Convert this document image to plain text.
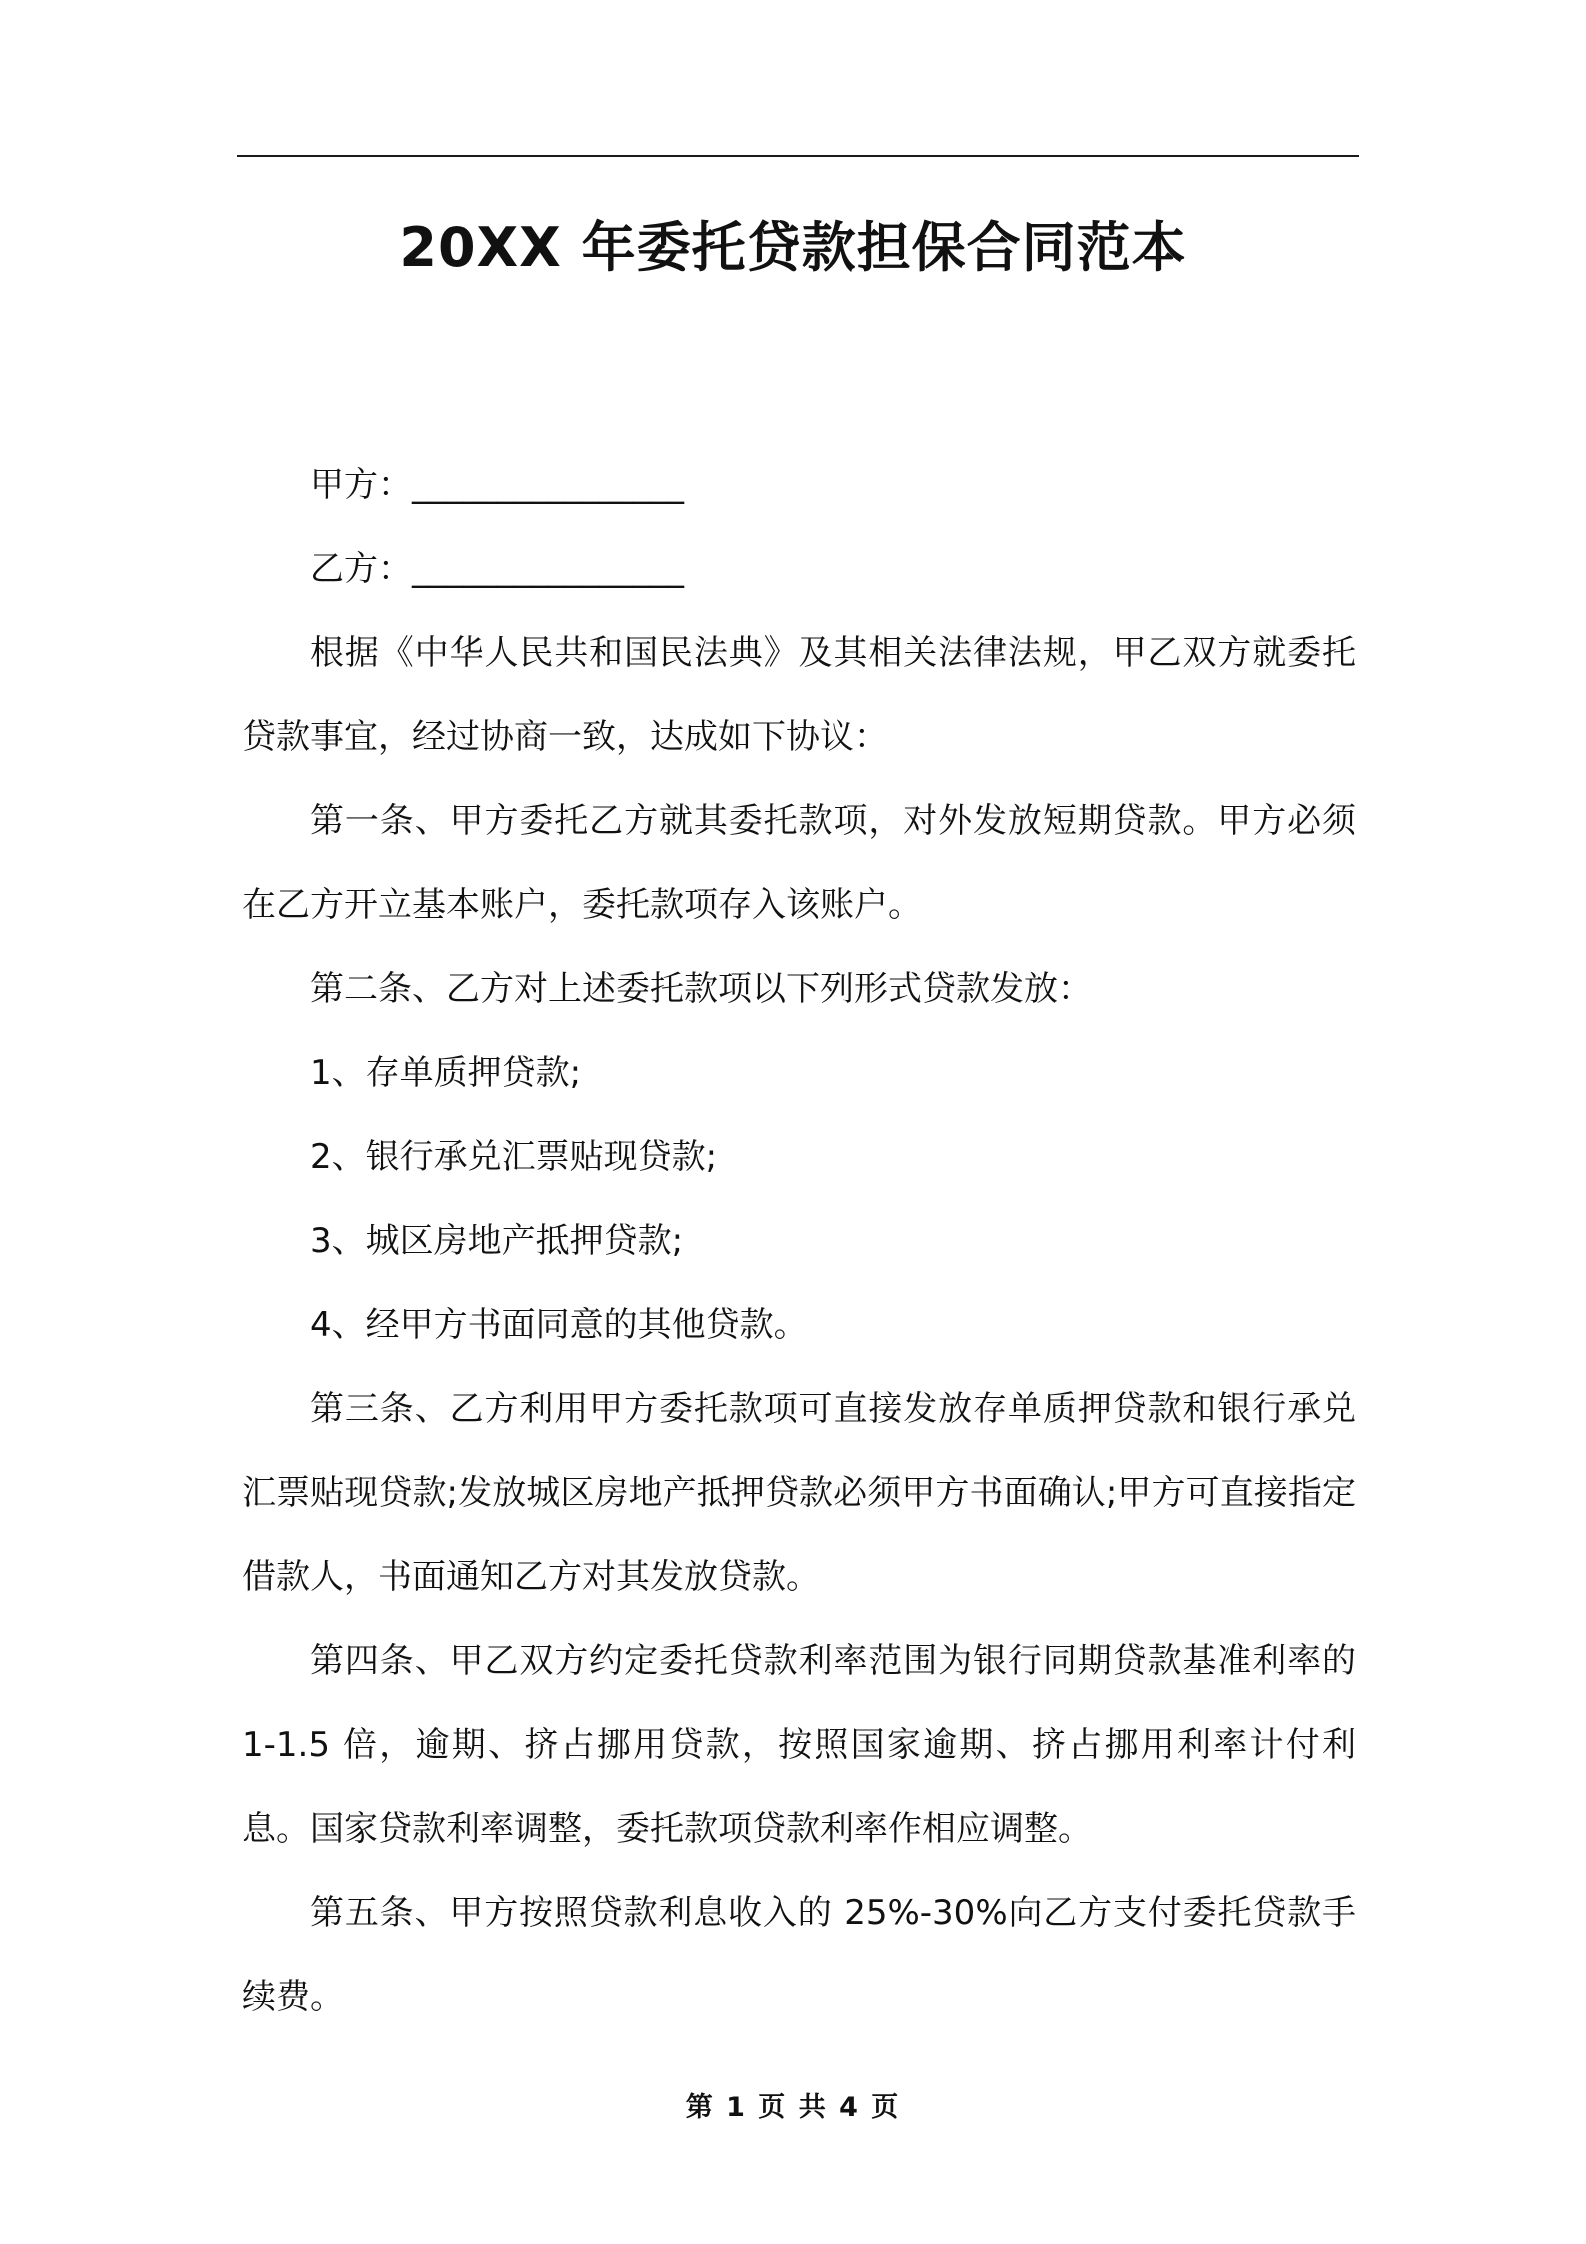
20XX 年委托贷款担保合同范本

甲方：________________

乙方：________________

根据《中华人民共和国民法典》及其相关法律法规，甲乙双方就委托贷款事宜，经过协商一致，达成如下协议：

第一条、甲方委托乙方就其委托款项，对外发放短期贷款。甲方必须在乙方开立基本账户，委托款项存入该账户。

第二条、乙方对上述委托款项以下列形式贷款发放：

1、存单质押贷款;

2、银行承兑汇票贴现贷款;

3、城区房地产抵押贷款;

4、经甲方书面同意的其他贷款。

第三条、乙方利用甲方委托款项可直接发放存单质押贷款和银行承兑汇票贴现贷款;发放城区房地产抵押贷款必须甲方书面确认;甲方可直接指定借款人，书面通知乙方对其发放贷款。

第四条、甲乙双方约定委托贷款利率范围为银行同期贷款基准利率的 1-1.5 倍，逾期、挤占挪用贷款，按照国家逾期、挤占挪用利率计付利息。国家贷款利率调整，委托款项贷款利率作相应调整。

第五条、甲方按照贷款利息收入的 25%-30%向乙方支付委托贷款手续费。

第 1 页 共 4 页
